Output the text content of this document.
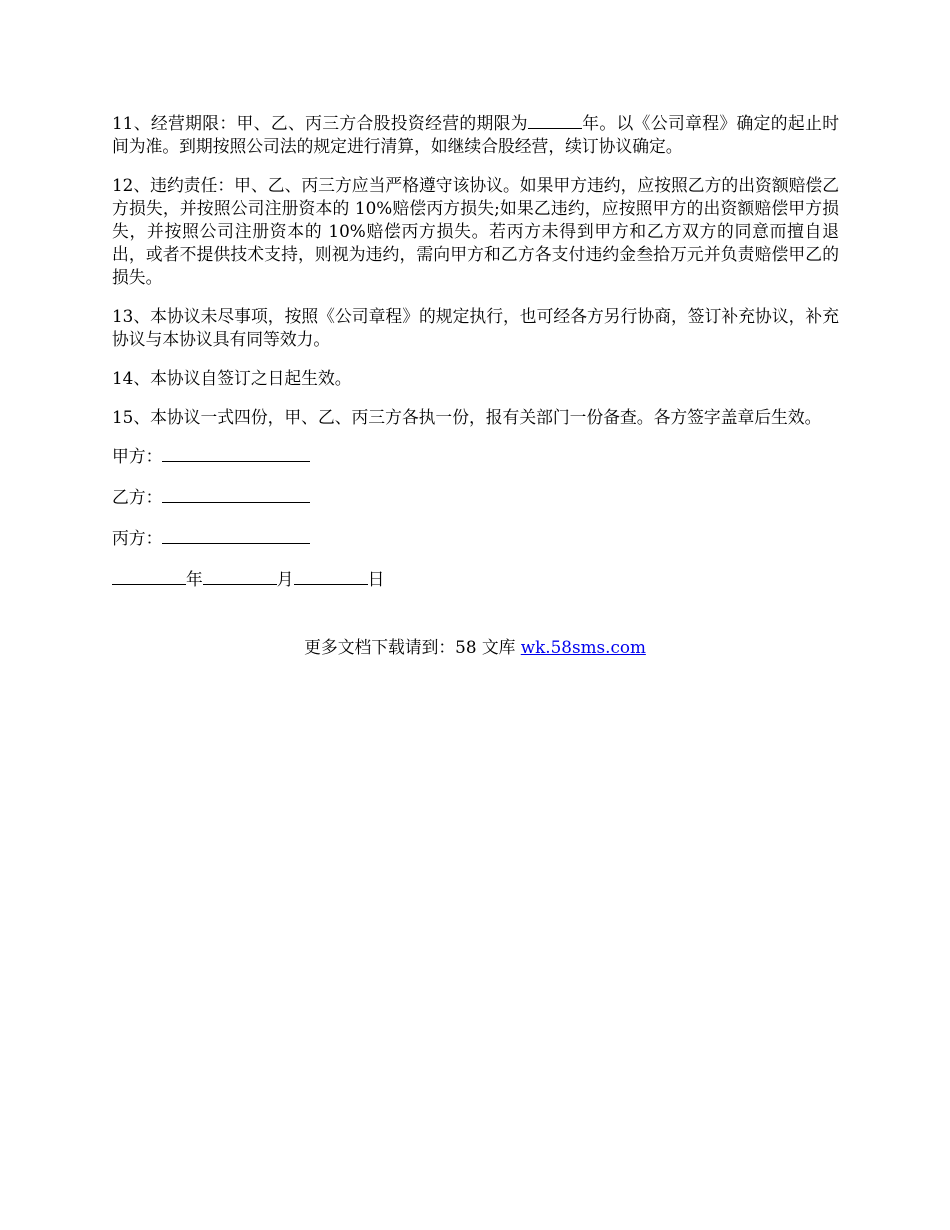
11、经营期限：甲、乙、丙三方合股投资经营的期限为	年。以《公司章程》确定的起止时间为准。到期按照公司法的规定进行清算，如继续合股经营，续订协议确定。

12、违约责任：甲、乙、丙三方应当严格遵守该协议。如果甲方违约，应按照乙方的出资额赔偿乙方损失，并按照公司注册资本的 10%赔偿丙方损失;如果乙违约，应按照甲方的出资额赔偿甲方损失，并按照公司注册资本的 10%赔偿丙方损失。若丙方未得到甲方和乙方双方的同意而擅自退出，或者不提供技术支持，则视为违约，需向甲方和乙方各支付违约金叁拾万元并负责赔偿甲乙的损失。

13、本协议未尽事项，按照《公司章程》的规定执行，也可经各方另行协商，签订补充协议，补充协议与本协议具有同等效力。

14、本协议自签订之日起生效。

15、本协议一式四份，甲、乙、丙三方各执一份，报有关部门一份备查。各方签字盖章后生效。

甲方：
乙方：
丙方：
年	月	日
更多文档下载请到：58 文库 wk.58sms.com
